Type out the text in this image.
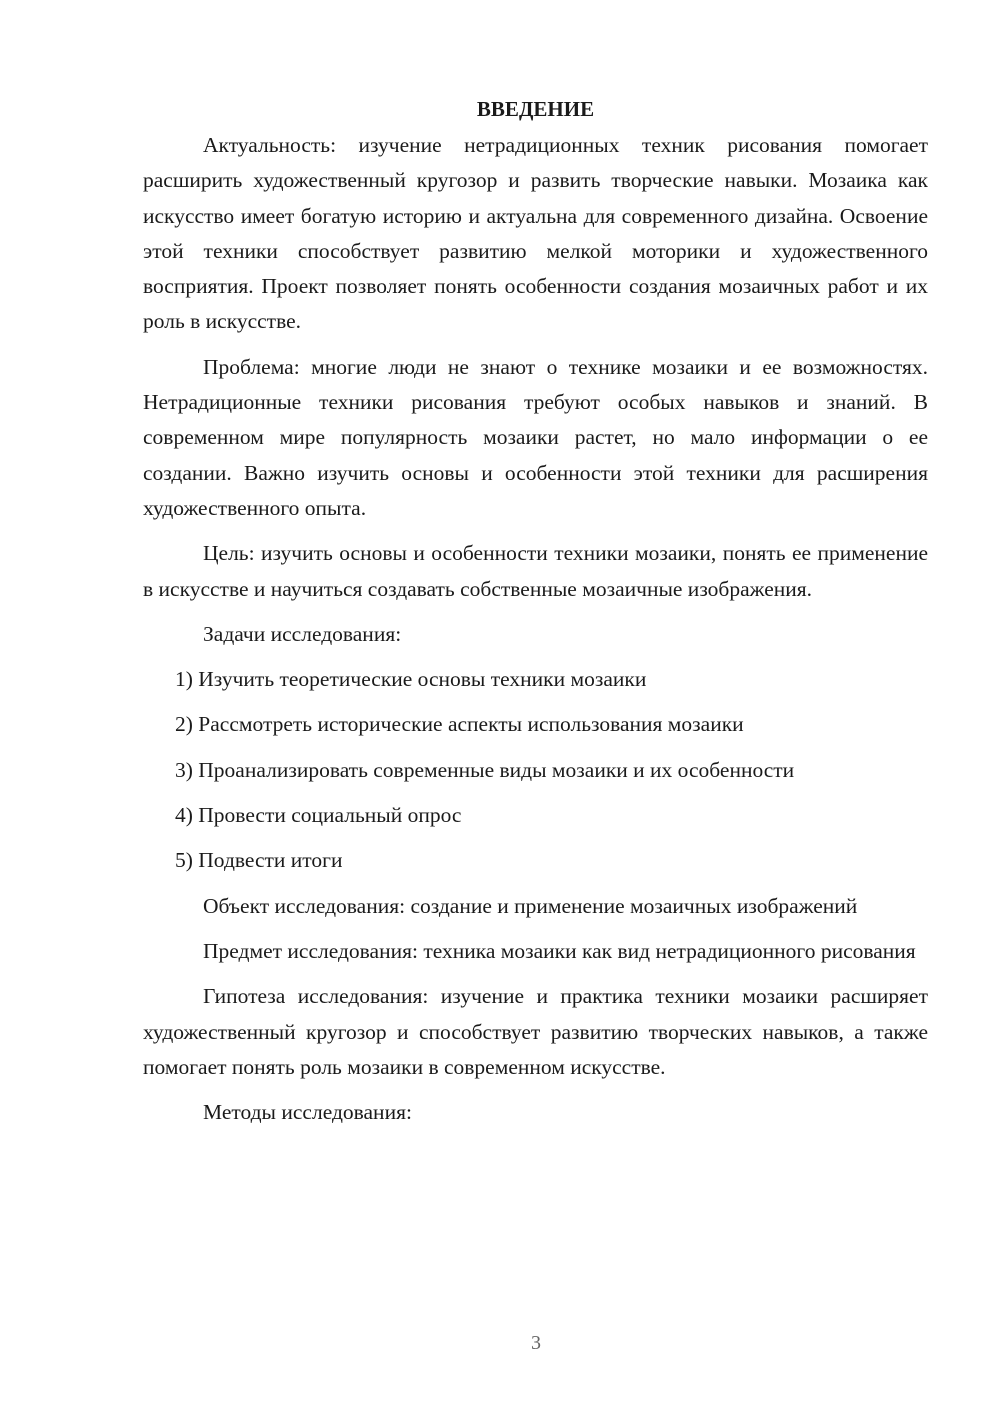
ВВЕДЕНИЕ

Актуальность: изучение нетрадиционных техник рисования помогает расширить художественный кругозор и развить творческие навыки. Мозаика как искусство имеет богатую историю и актуальна для современного дизайна. Освоение этой техники способствует развитию мелкой моторики и художественного восприятия. Проект позволяет понять особенности создания мозаичных работ и их роль в искусстве.

Проблема: многие люди не знают о технике мозаики и ее возможностях. Нетрадиционные техники рисования требуют особых навыков и знаний. В современном мире популярность мозаики растет, но мало информации о ее создании. Важно изучить основы и особенности этой техники для расширения художественного опыта.

Цель: изучить основы и особенности техники мозаики, понять ее применение в искусстве и научиться создавать собственные мозаичные изображения.

Задачи исследования:

1) Изучить теоретические основы техники мозаики
2) Рассмотреть исторические аспекты использования мозаики
3) Проанализировать современные виды мозаики и их особенности
4) Провести социальный опрос
5) Подвести итоги

Объект исследования: создание и применение мозаичных изображений

Предмет исследования: техника мозаики как вид нетрадиционного рисования

Гипотеза исследования: изучение и практика техники мозаики расширяет художественный кругозор и способствует развитию творческих навыков, а также помогает понять роль мозаики в современном искусстве.

Методы исследования:

3
